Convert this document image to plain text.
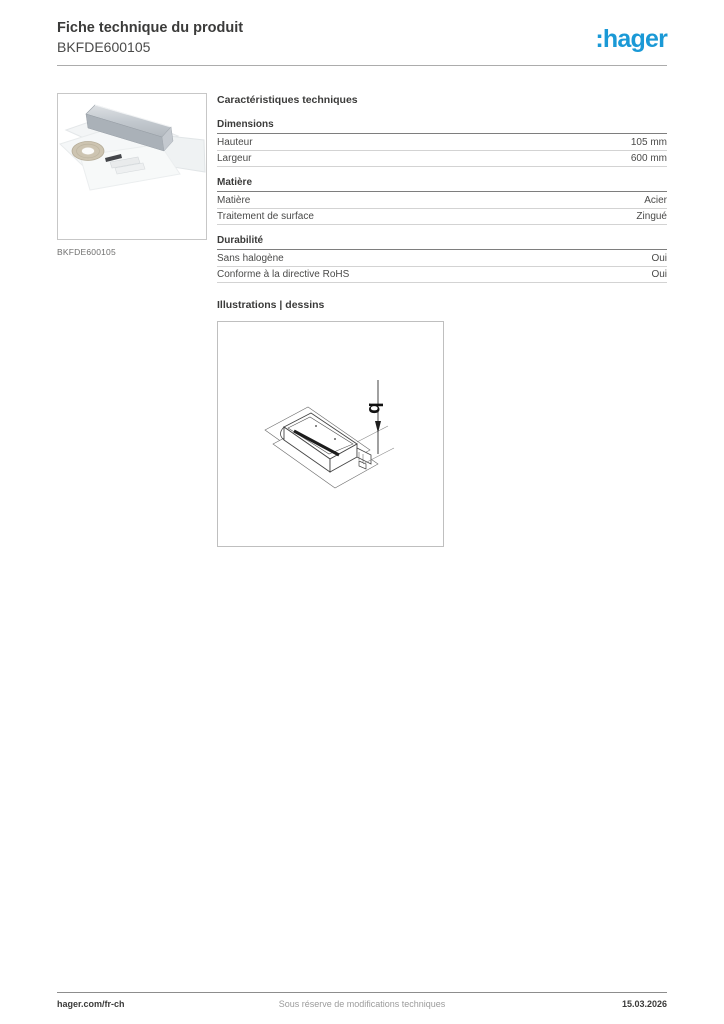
Fiche technique du produit
BKFDE600105	:hager
BKFDE600105
Caractéristiques techniques
Dimensions
Hauteur	105 mm
Largeur	600 mm
Matière
Matière	Acier
Traitement de surface	Zingué
Durabilité
Sans halogène	Oui
Conforme à la directive RoHS	Oui
Illustrations | dessins
b
hager.com/fr-ch	Sous réserve de modifications techniques	15.03.2026
